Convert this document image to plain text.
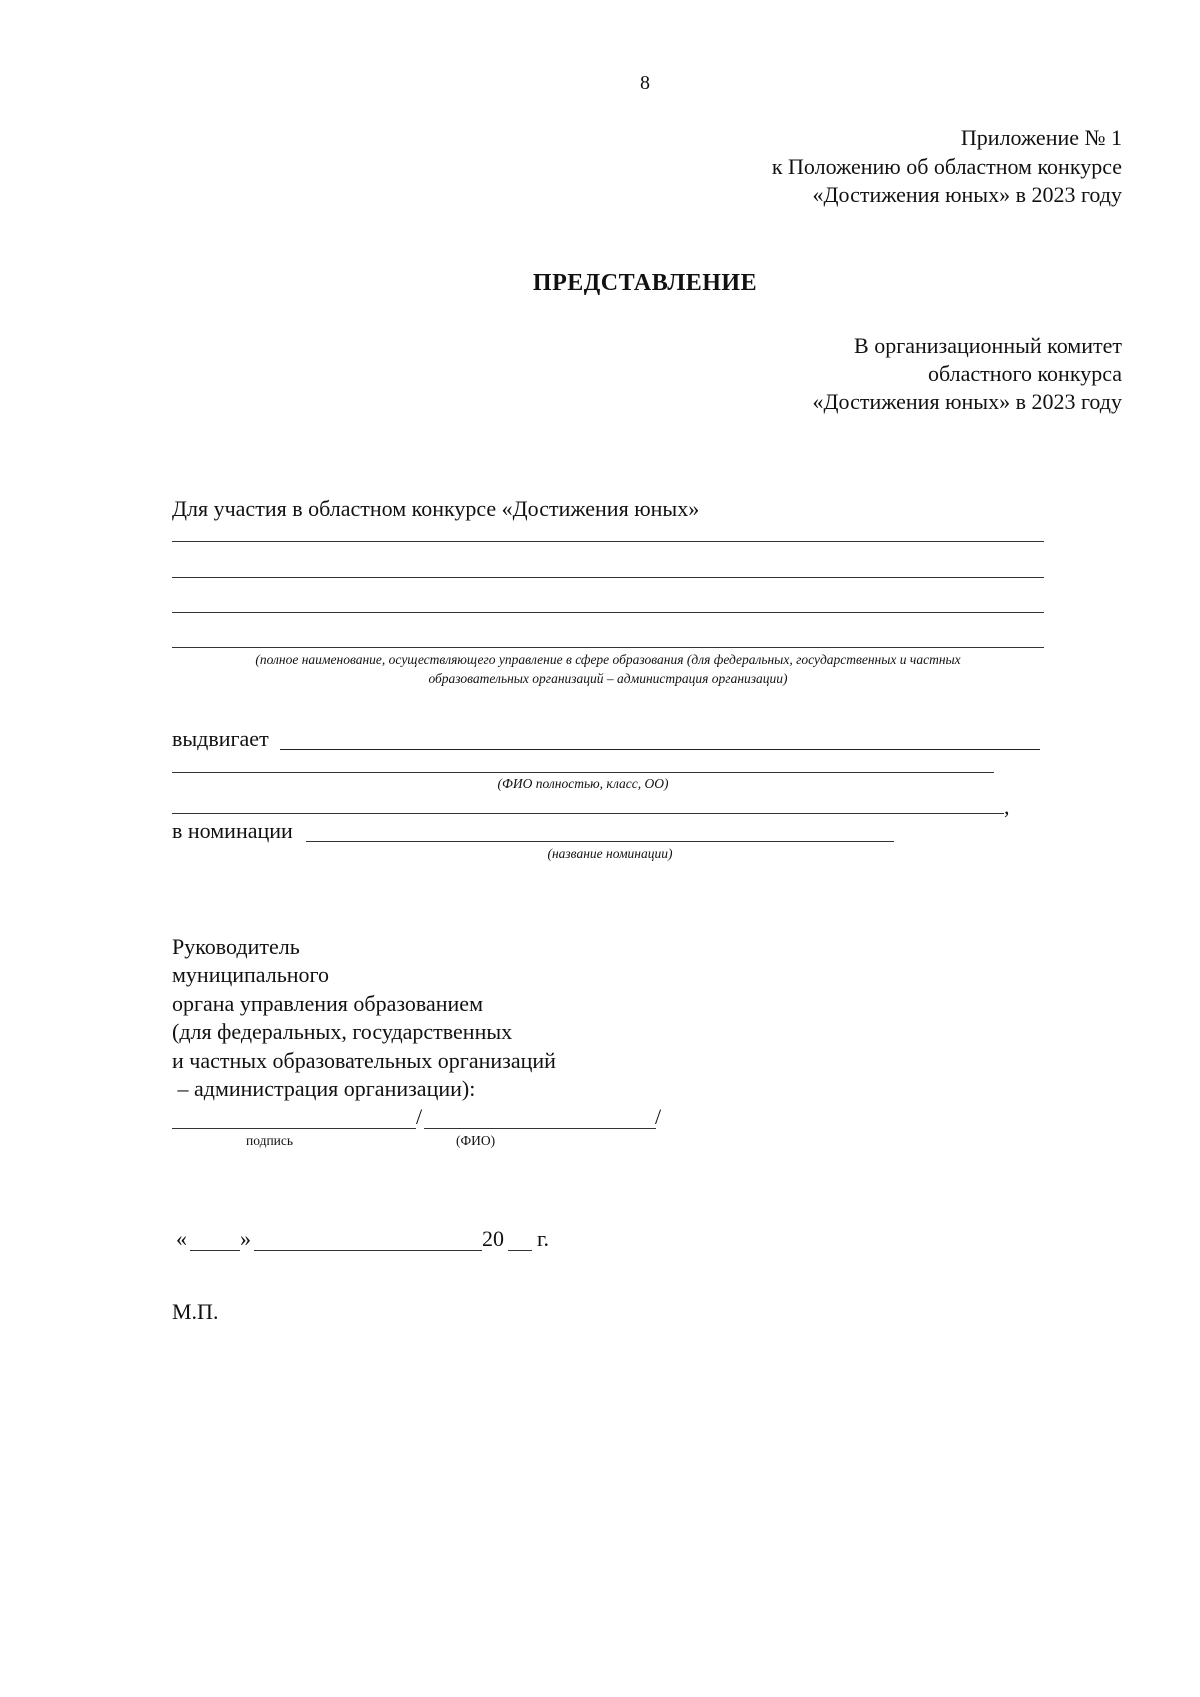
8
Приложение № 1
к Положению об областном конкурсе
«Достижения юных» в 2023 году
ПРЕДСТАВЛЕНИЕ
В организационный комитет
областного конкурса
«Достижения юных» в 2023 году
Для участия в областном конкурсе «Достижения юных»
(полное наименование, осуществляющего управление в сфере образования (для федеральных, государственных и частных
образовательных организаций – администрация организации)
выдвигает
(ФИО полностью, класс, ОО)
,
в номинации
(название номинации)
Руководитель
муниципального
органа управления образованием
(для федеральных, государственных
и частных образовательных организаций
– администрация организации):
/	/
подпись	(ФИО)
« »	20 г.
М.П.
